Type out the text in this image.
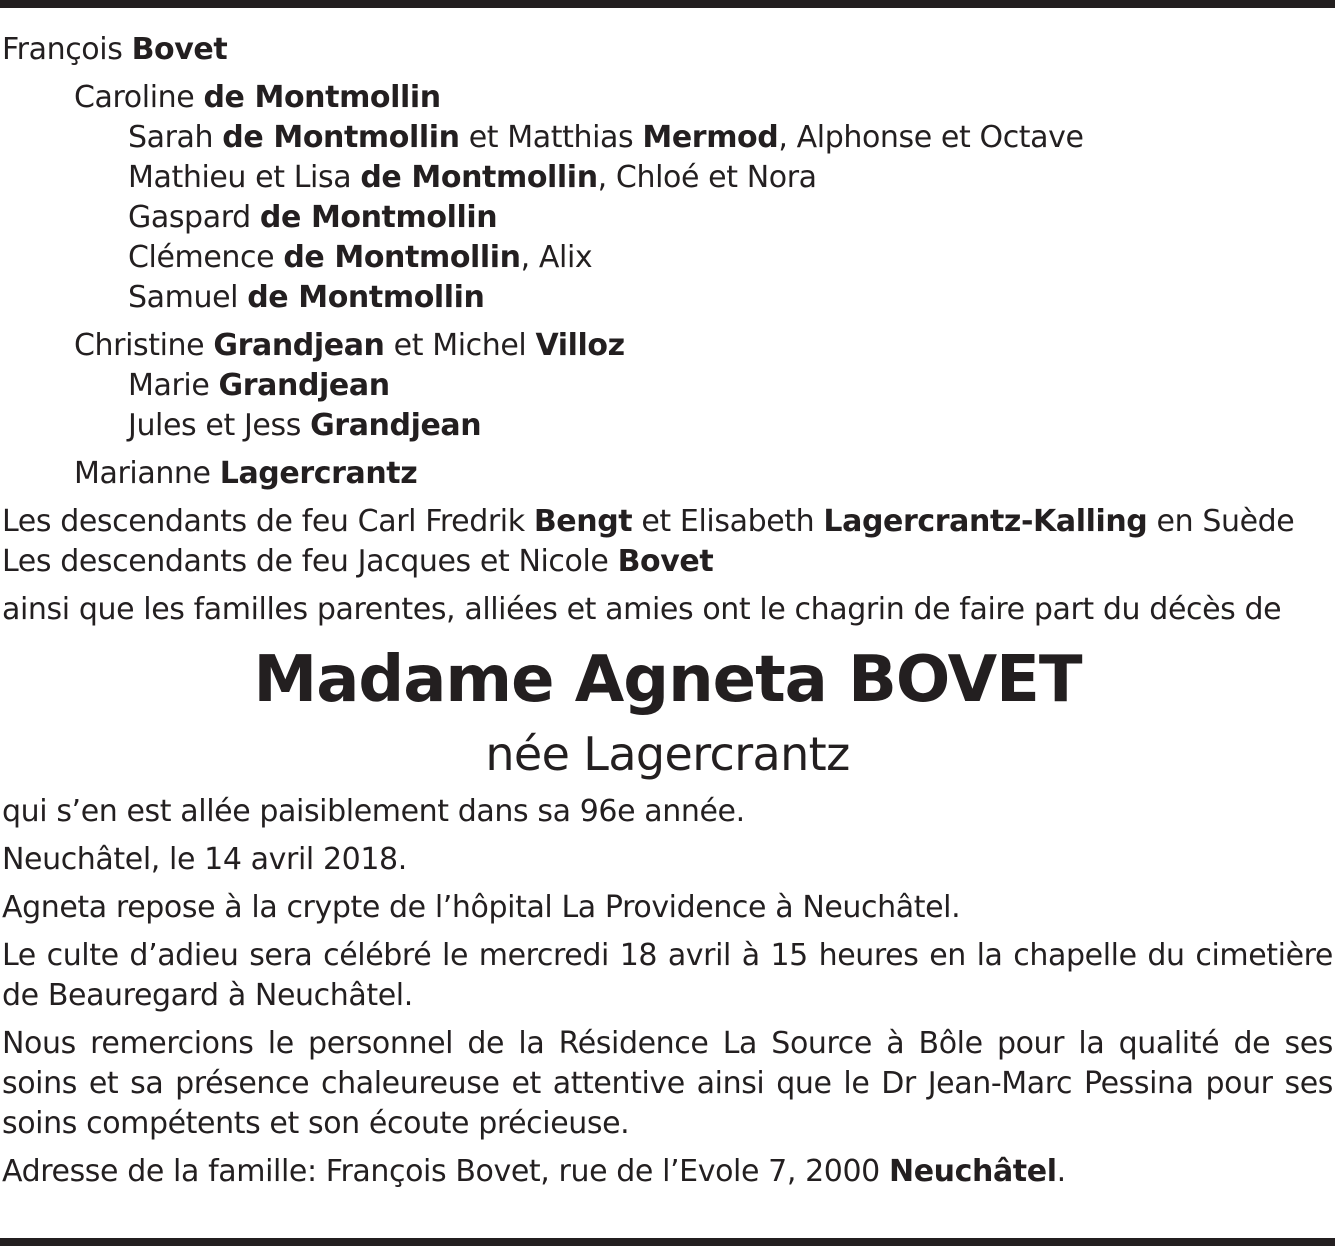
François Bovet
Caroline de Montmollin
Sarah de Montmollin et Matthias Mermod, Alphonse et Octave
Mathieu et Lisa de Montmollin, Chloé et Nora
Gaspard de Montmollin
Clémence de Montmollin, Alix
Samuel de Montmollin
Christine Grandjean et Michel Villoz
Marie Grandjean
Jules et Jess Grandjean
Marianne Lagercrantz
Les descendants de feu Carl Fredrik Bengt et Elisabeth Lagercrantz-Kalling en Suède
Les descendants de feu Jacques et Nicole Bovet
ainsi que les familles parentes, alliées et amies ont le chagrin de faire part du décès de
Madame Agneta BOVET
née Lagercrantz
qui s’en est allée paisiblement dans sa 96e année.
Neuchâtel, le 14 avril 2018.
Agneta repose à la crypte de l’hôpital La Providence à Neuchâtel.
Le culte d’adieu sera célébré le mercredi 18 avril à 15 heures en la chapelle du cimetière de Beauregard à Neuchâtel.
Nous remercions le personnel de la Résidence La Source à Bôle pour la qualité de ses soins et sa présence chaleureuse et attentive ainsi que le Dr Jean-Marc Pessina pour ses soins compétents et son écoute précieuse.
Adresse de la famille: François Bovet, rue de l’Evole 7, 2000 Neuchâtel.
